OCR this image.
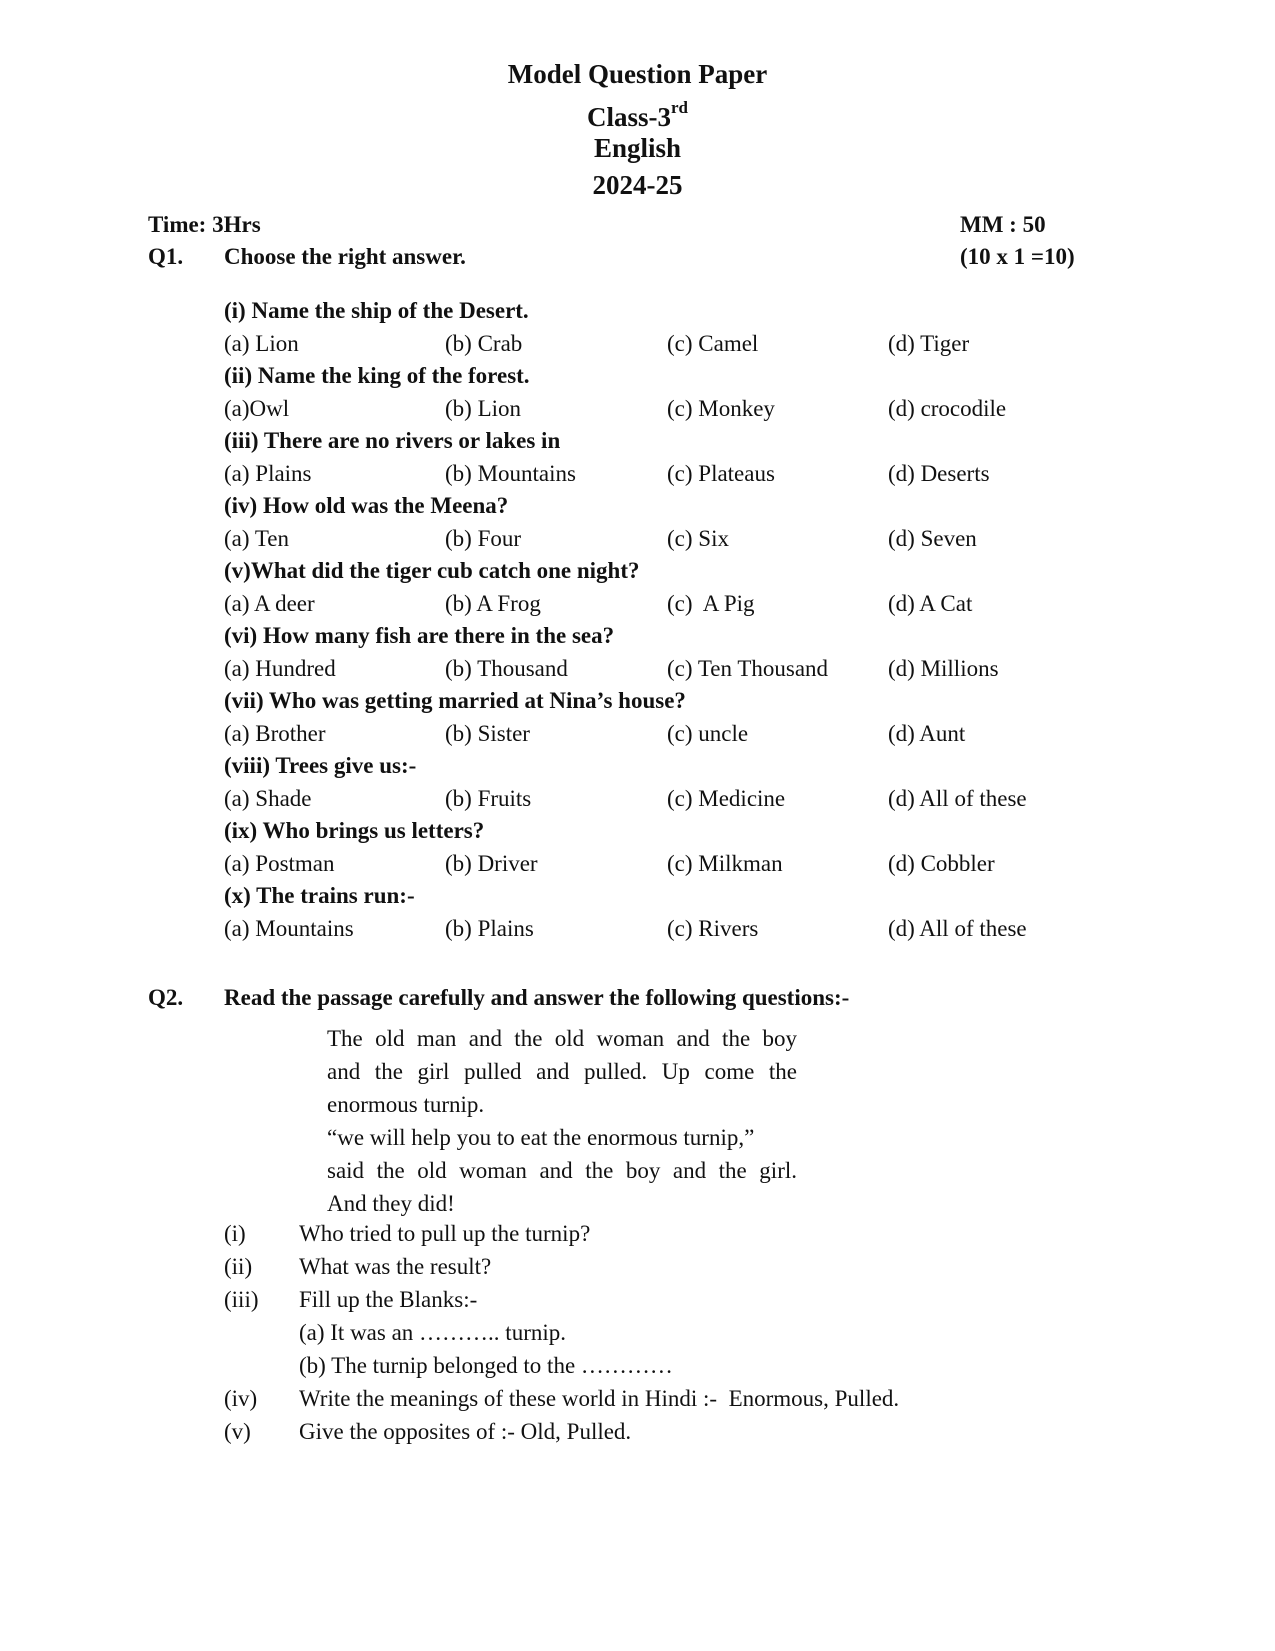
Model Question Paper
Class-3rd
English
2024-25
Time: 3Hrs	MM : 50
Q1. Choose the right answer.	(10 x 1 =10)
(i) Name the ship of the Desert.
(a) Lion	(b) Crab	(c) Camel	(d) Tiger
(ii) Name the king of the forest.
(a)Owl	(b) Lion	(c) Monkey	(d) crocodile
(iii) There are no rivers or lakes in
(a) Plains	(b) Mountains	(c) Plateaus	(d) Deserts
(iv) How old was the Meena?
(a) Ten	(b) Four	(c) Six	(d) Seven
(v)What did the tiger cub catch one night?
(a) A deer	(b) A Frog	(c)  A Pig	(d) A Cat
(vi) How many fish are there in the sea?
(a) Hundred	(b) Thousand	(c) Ten Thousand	(d) Millions
(vii) Who was getting married at Nina’s house?
(a) Brother	(b) Sister	(c) uncle	(d) Aunt
(viii) Trees give us:-
(a) Shade	(b) Fruits	(c) Medicine	(d) All of these
(ix) Who brings us letters?
(a) Postman	(b) Driver	(c) Milkman	(d) Cobbler
(x) The trains run:-
(a) Mountains	(b) Plains	(c) Rivers	(d) All of these
Q2. Read the passage carefully and answer the following questions:-
The old man and the old woman and the boy
and the girl pulled and pulled. Up come the
enormous turnip.
“we will help you to eat the enormous turnip,”
said the old woman and the boy and the girl.
And they did!
(i) Who tried to pull up the turnip?
(ii) What was the result?
(iii) Fill up the Blanks:-
(a) It was an ……….. turnip.
(b) The turnip belonged to the …………
(iv) Write the meanings of these world in Hindi :-  Enormous, Pulled.
(v) Give the opposites of :- Old, Pulled.
